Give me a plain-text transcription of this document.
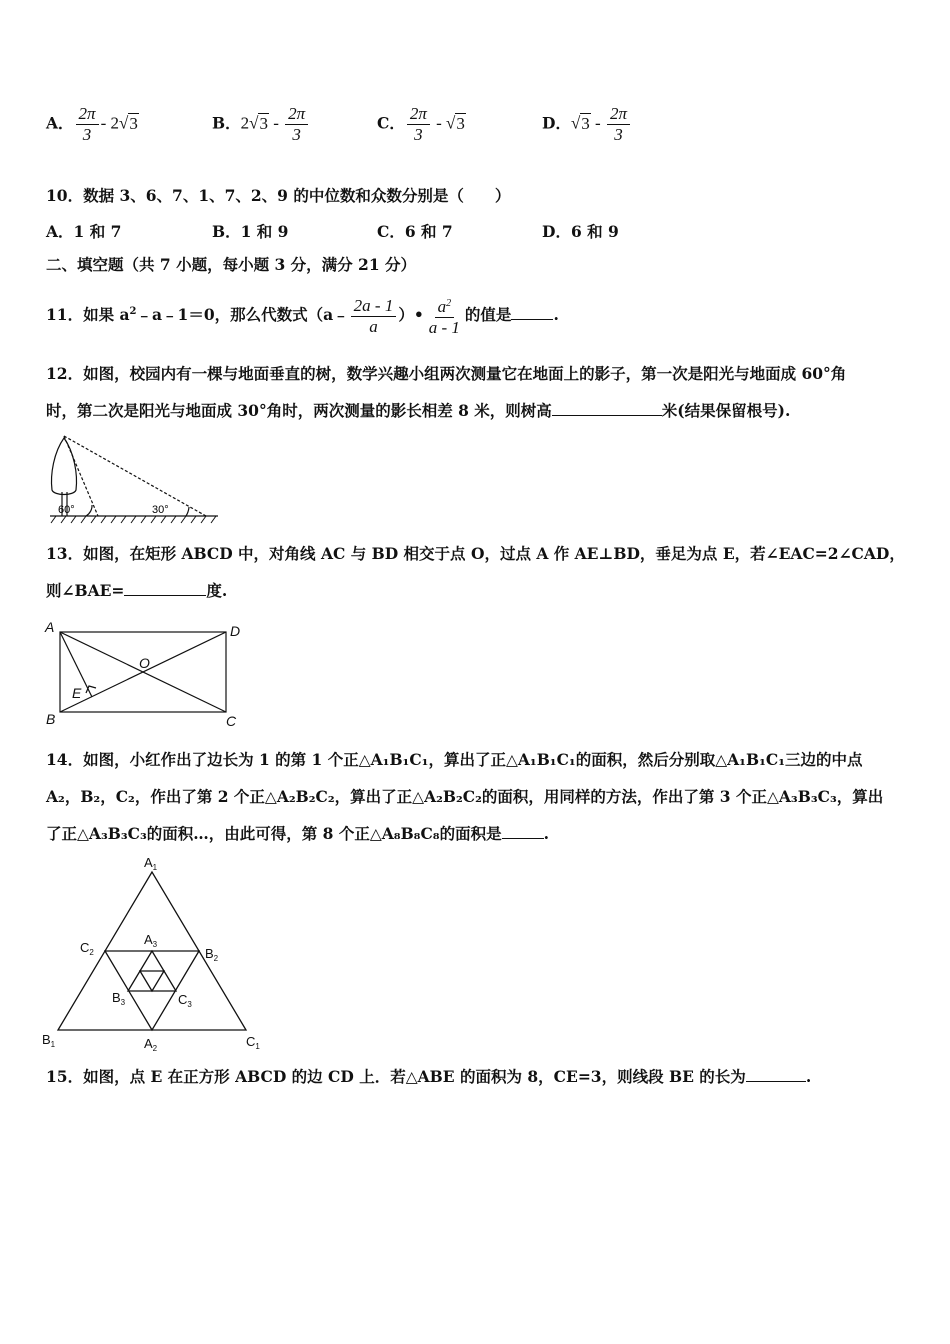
A． $\frac{2\pi}{3} - 2√3$	B．$2√3 - \frac{2\pi}{3}$	C． $\frac{2\pi}{3} - √3$	D．$√3 - \frac{2\pi}{3}$
10．数据 3、6、7、1、7、2、9 的中位数和众数分别是（　　）
A．1 和 7	B．1 和 9	C．6 和 7	D．6 和 9
二、填空题（共 7 小题，每小题 3 分，满分 21 分）
11．如果 $a^2﹣a﹣1=0$，那么代数式（a﹣ $\frac{2a - 1}{a}$ ）• $\frac{a^2}{a - 1}$ 的值是	.
12．如图，校园内有一棵与地面垂直的树，数学兴趣小组两次测量它在地面上的影子，第一次是阳光与地面成 60°角
时，第二次是阳光与地面成 30°角时，两次测量的影长相差 8 米，则树高	米(结果保留根号).
60°	30°
13．如图，在矩形 ABCD 中，对角线 AC 与 BD 相交于点 O，过点 A 作 AE⊥BD，垂足为点 E，若∠EAC=2∠CAD，
则∠BAE=	度.
A	D
B	C
O
E
14．如图，小红作出了边长为 1 的第 1 个正△A₁B₁C₁，算出了正△A₁B₁C₁的面积，然后分别取△A₁B₁C₁三边的中点
A₂，B₂，C₂，作出了第 2 个正△A₂B₂C₂，算出了正△A₂B₂C₂的面积，用同样的方法，作出了第 3 个正△A₃B₃C₃，算出
了正△A₃B₃C₃的面积…，由此可得，第 8 个正△A₈B₈C₈的面积是	.
$A_1$
$B_1$	$C_1$
$A_2$
$B_2$
$C_2$
$A_3$
$B_3$	$C_3$
15．如图，点 E 在正方形 ABCD 的边 CD 上．若△ABE 的面积为 8，CE=3，则线段 BE 的长为	.
